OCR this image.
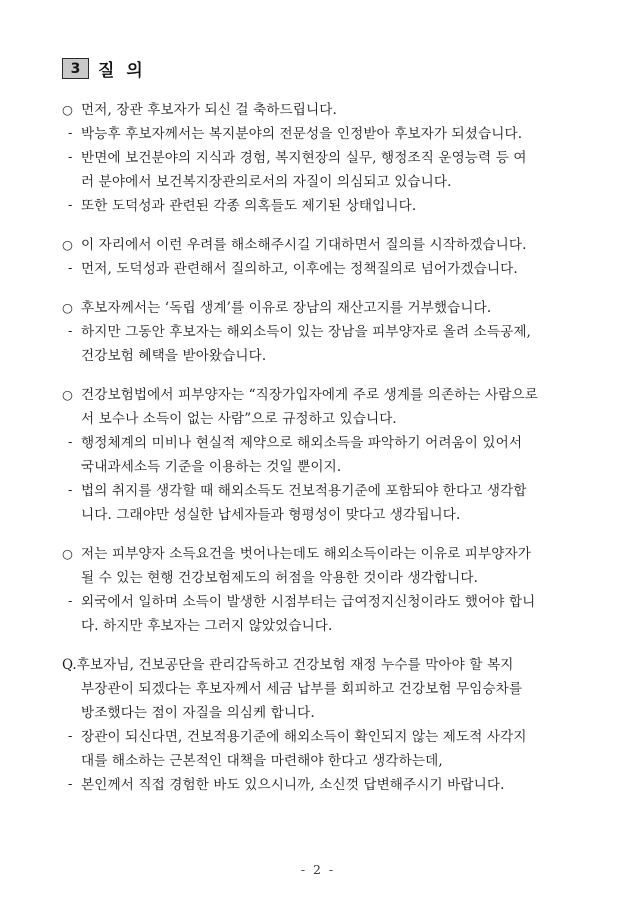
3	질 의
○ 먼저, 장관 후보자가 되신 걸 축하드립니다.
- 박능후 후보자께서는 복지분야의 전문성을 인정받아 후보자가 되셨습니다.
- 반면에 보건분야의 지식과 경험, 복지현장의 실무, 행정조직 운영능력 등 여
러 분야에서 보건복지장관의로서의 자질이 의심되고 있습니다.
- 또한 도덕성과 관련된 각종 의혹들도 제기된 상태입니다.
○ 이 자리에서 이런 우려를 해소해주시길 기대하면서 질의를 시작하겠습니다.
- 먼저, 도덕성과 관련해서 질의하고, 이후에는 정책질의로 넘어가겠습니다.
○ 후보자께서는 ‘독립 생계’를 이유로 장남의 재산고지를 거부했습니다.
- 하지만 그동안 후보자는 해외소득이 있는 장남을 피부양자로 올려 소득공제,
건강보험 혜택을 받아왔습니다.
○ 건강보험법에서 피부양자는 “직장가입자에게 주로 생계를 의존하는 사람으로
서 보수나 소득이 없는 사람”으로 규정하고 있습니다.
- 행정체계의 미비나 현실적 제약으로 해외소득을 파악하기 어려움이 있어서
국내과세소득 기준을 이용하는 것일 뿐이지.
- 법의 취지를 생각할 때 해외소득도 건보적용기준에 포함되야 한다고 생각합
니다. 그래야만 성실한 납세자들과 형평성이 맞다고 생각됩니다.
○ 저는 피부양자 소득요건을 벗어나는데도 해외소득이라는 이유로 피부양자가
될 수 있는 현행 건강보험제도의 허점을 악용한 것이라 생각합니다.
- 외국에서 일하며 소득이 발생한 시점부터는 급여정지신청이라도 했어야 합니
다. 하지만 후보자는 그러지 않았었습니다.
Q. 후보자님, 건보공단을 관리감독하고 건강보험 재정 누수를 막아야 할 복지
부장관이 되겠다는 후보자께서 세금 납부를 회피하고 건강보험 무임승차를
방조했다는 점이 자질을 의심케 합니다.
- 장관이 되신다면, 건보적용기준에 해외소득이 확인되지 않는 제도적 사각지
대를 해소하는 근본적인 대책을 마련해야 한다고 생각하는데,
- 본인께서 직접 경험한 바도 있으시니까, 소신껏 답변해주시기 바랍니다.
- 2 -
